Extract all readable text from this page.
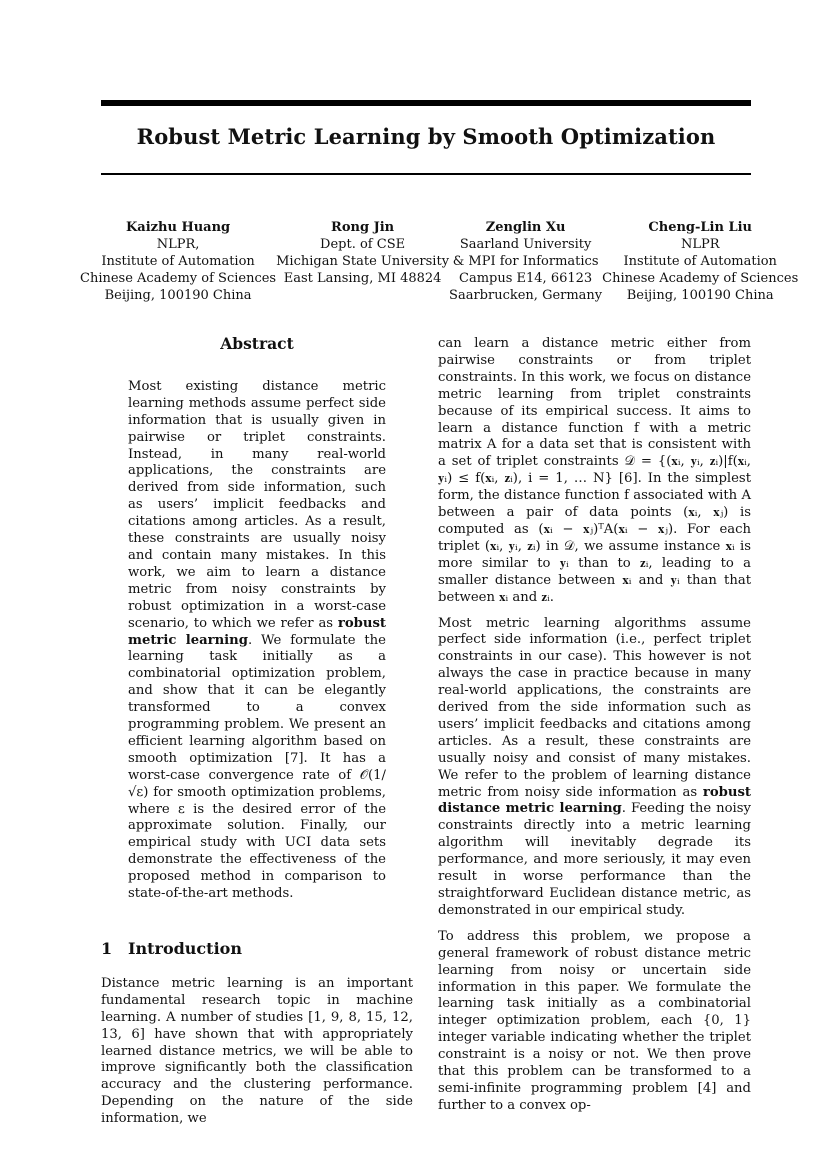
Robust Metric Learning by Smooth Optimization
Kaizhu Huang
NLPR,
Institute of Automation
Chinese Academy of Sciences
Beijing, 100190 China
Rong Jin
Dept. of CSE
Michigan State University
East Lansing, MI 48824
Zenglin Xu
Saarland University
& MPI for Informatics
Campus E14, 66123
Saarbrucken, Germany
Cheng-Lin Liu
NLPR
Institute of Automation
Chinese Academy of Sciences
Beijing, 100190 China
Abstract

Most existing distance metric learning methods assume perfect side information that is usually given in pairwise or triplet constraints. Instead, in many real-world applications, the constraints are derived from side information, such as users’ implicit feedbacks and citations among articles. As a result, these constraints are usually noisy and contain many mistakes. In this work, we aim to learn a distance metric from noisy constraints by robust optimization in a worst-case scenario, to which we refer as robust metric learning. We formulate the learning task initially as a combinatorial optimization problem, and show that it can be elegantly transformed to a convex programming problem. We present an efficient learning algorithm based on smooth optimization [7]. It has a worst-case convergence rate of 𝒪(1/√ε) for smooth optimization problems, where ε is the desired error of the approximate solution. Finally, our empirical study with UCI data sets demonstrate the effectiveness of the proposed method in comparison to state-of-the-art methods.

1 Introduction

Distance metric learning is an important fundamental research topic in machine learning. A number of studies [1, 9, 8, 15, 12, 13, 6] have shown that with appropriately learned distance metrics, we will be able to improve significantly both the classification accuracy and the clustering performance. Depending on the nature of the side information, we

can learn a distance metric either from pairwise constraints or from triplet constraints. In this work, we focus on distance metric learning from triplet constraints because of its empirical success. It aims to learn a distance function f with a metric matrix A for a data set that is consistent with a set of triplet constraints 𝒟 = {(𝐱ᵢ, 𝐲ᵢ, 𝐳ᵢ)|f(𝐱ᵢ, 𝐲ᵢ) ≤ f(𝐱ᵢ, 𝐳ᵢ), i = 1, … N} [6]. In the simplest form, the distance function f associated with A between a pair of data points (𝐱ᵢ, 𝐱ⱼ) is computed as (𝐱ᵢ − 𝐱ⱼ)ᵀA(𝐱ᵢ − 𝐱ⱼ). For each triplet (𝐱ᵢ, 𝐲ᵢ, 𝐳ᵢ) in 𝒟, we assume instance 𝐱ᵢ is more similar to 𝐲ᵢ than to 𝐳ᵢ, leading to a smaller distance between 𝐱ᵢ and 𝐲ᵢ than that between 𝐱ᵢ and 𝐳ᵢ.

Most metric learning algorithms assume perfect side information (i.e., perfect triplet constraints in our case). This however is not always the case in practice because in many real-world applications, the constraints are derived from the side information such as users’ implicit feedbacks and citations among articles. As a result, these constraints are usually noisy and consist of many mistakes. We refer to the problem of learning distance metric from noisy side information as robust distance metric learning. Feeding the noisy constraints directly into a metric learning algorithm will inevitably degrade its performance, and more seriously, it may even result in worse performance than the straightforward Euclidean distance metric, as demonstrated in our empirical study.

To address this problem, we propose a general framework of robust distance metric learning from noisy or uncertain side information in this paper. We formulate the learning task initially as a combinatorial integer optimization problem, each {0, 1} integer variable indicating whether the triplet constraint is a noisy or not. We then prove that this problem can be transformed to a semi-infinite programming problem [4] and further to a convex op-
